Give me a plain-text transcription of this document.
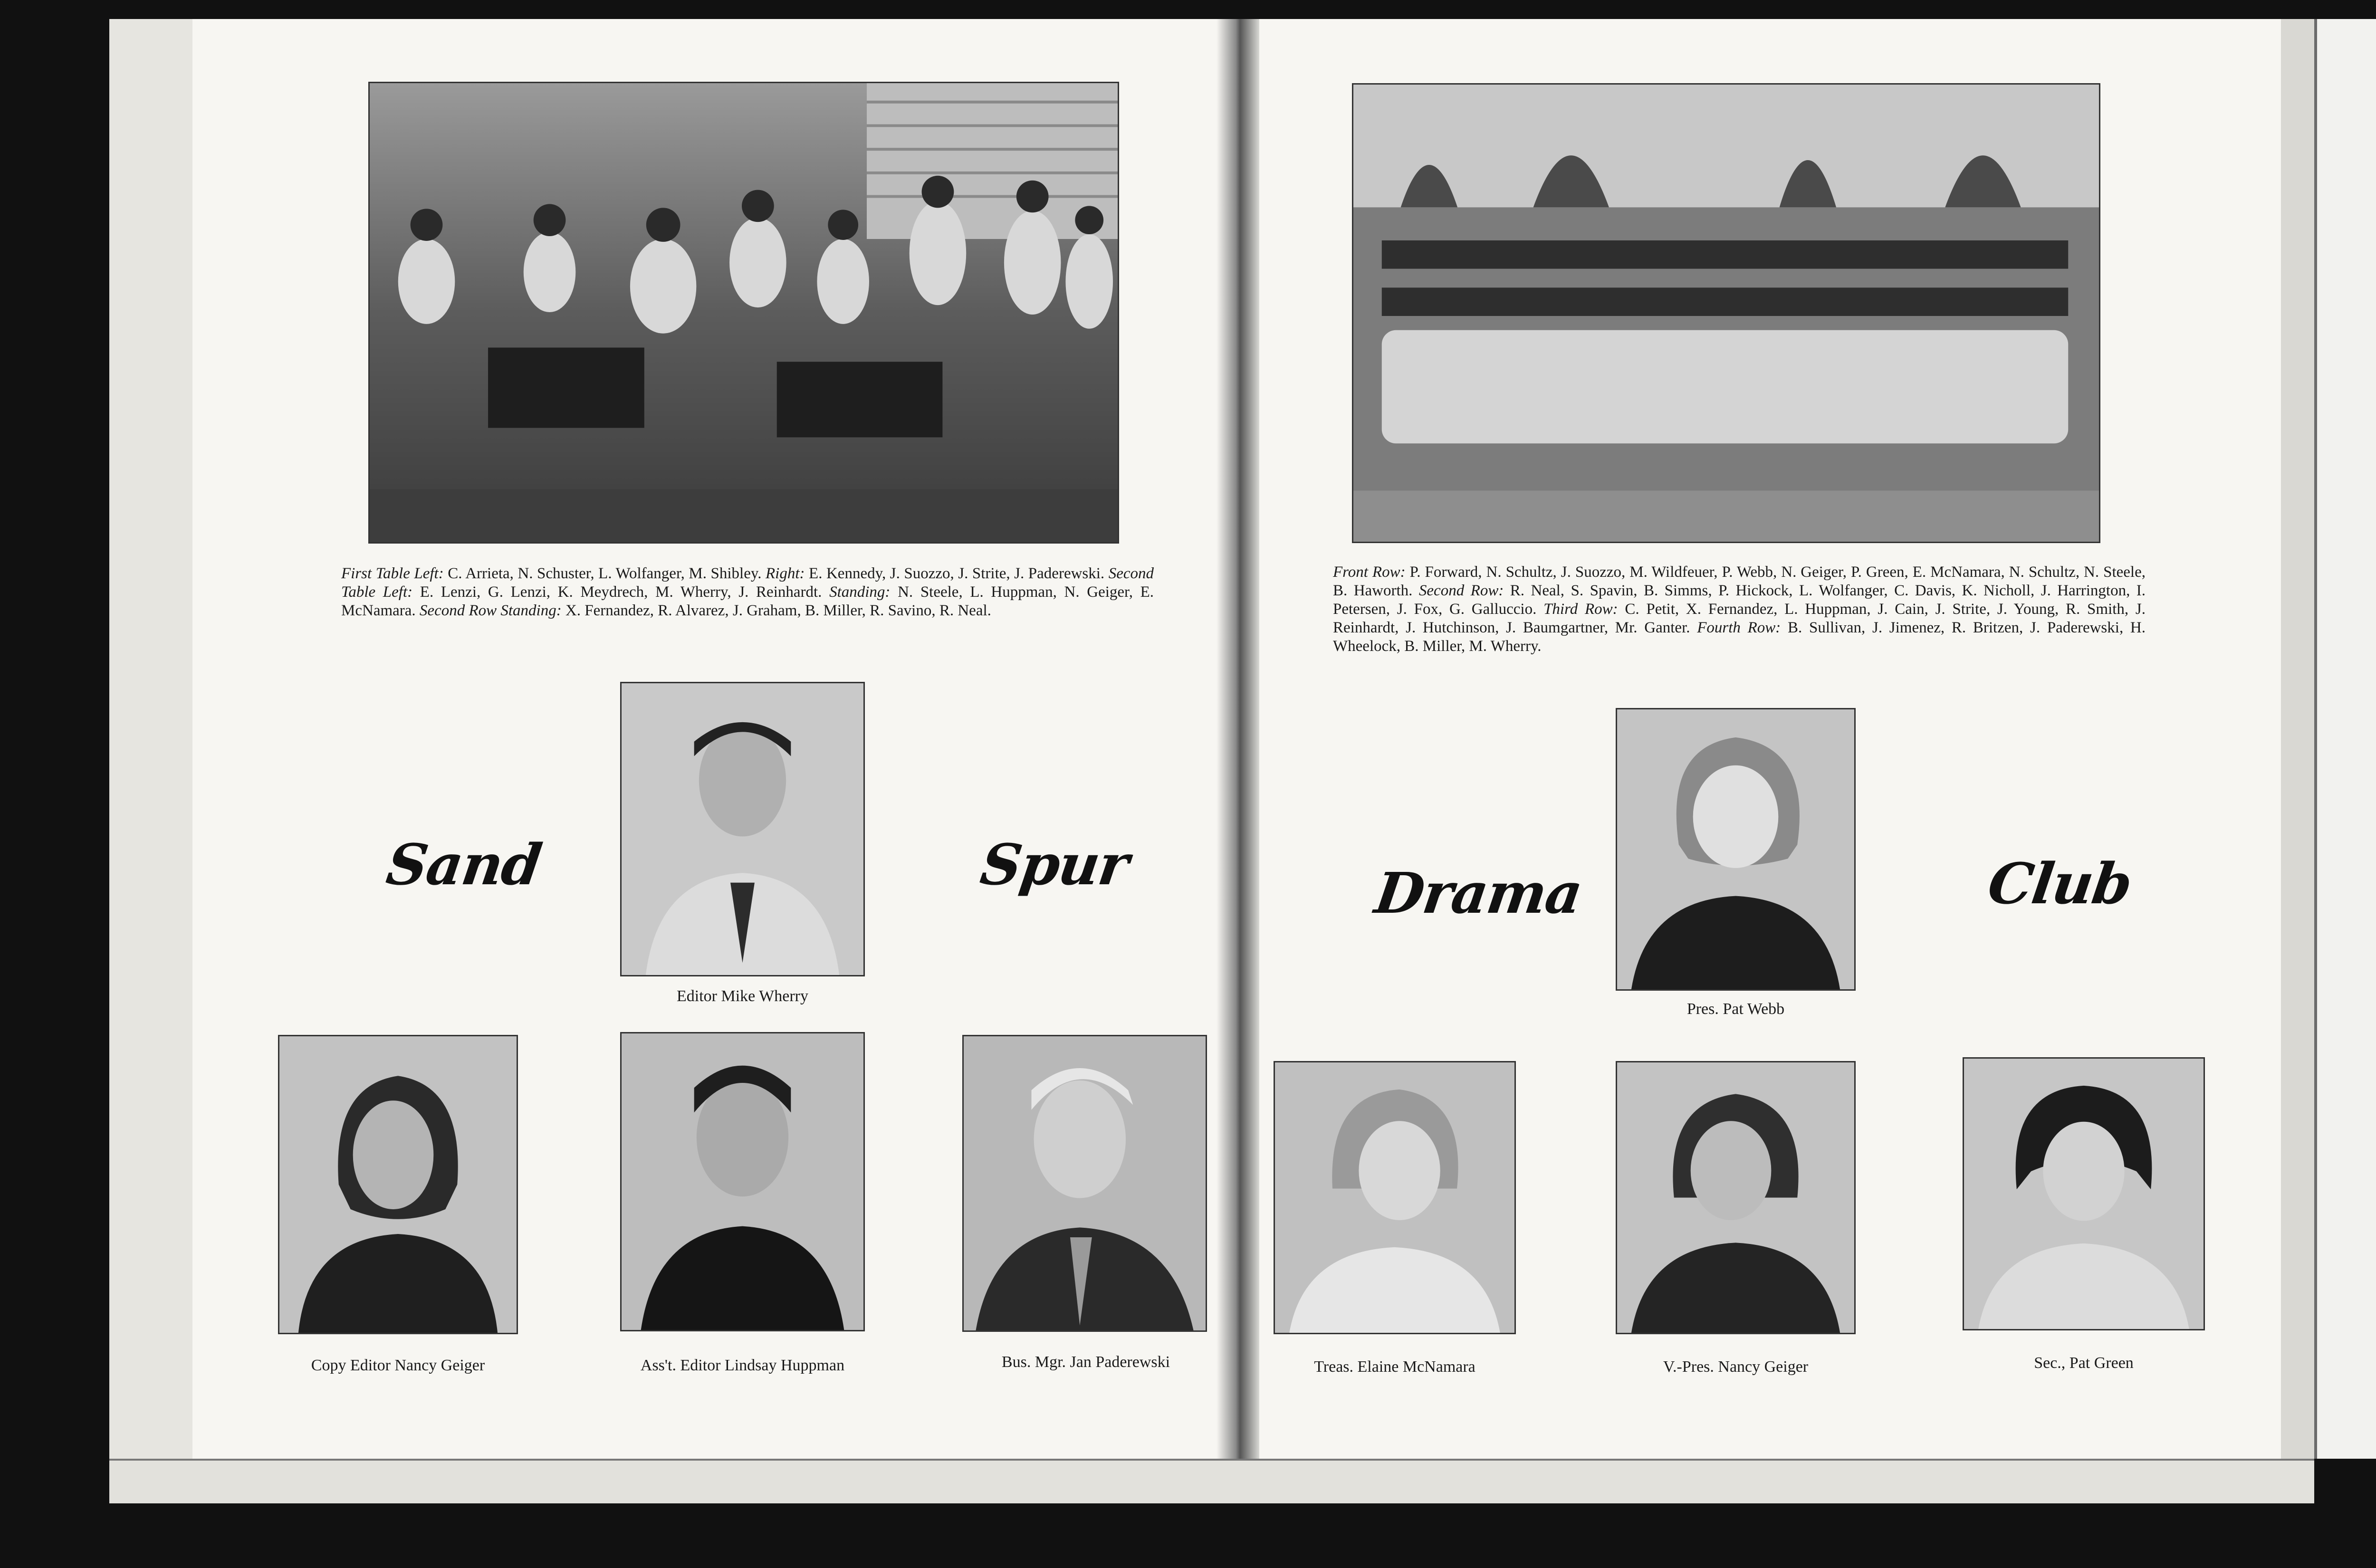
First Table Left: C. Arrieta, N. Schuster, L. Wolfanger, M. Shibley. Right: E. Kennedy, J. Suozzo, J. Strite, J. Paderewski. Second Table Left: E. Lenzi, G. Lenzi, K. Meydrech, M. Wherry, J. Reinhardt. Standing: N. Steele, L. Huppman, N. Geiger, E. McNamara. Second Row Standing: X. Fernandez, R. Alvarez, J. Graham, B. Miller, R. Savino, R. Neal.

Sand	Spur
Editor Mike Wherry
Copy Editor Nancy Geiger	Ass't. Editor Lindsay Huppman	Bus. Mgr. Jan Paderewski

Front Row: P. Forward, N. Schultz, J. Suozzo, M. Wildfeuer, P. Webb, N. Geiger, P. Green, E. McNamara, N. Schultz, N. Steele, B. Haworth. Second Row: R. Neal, S. Spavin, B. Simms, P. Hickock, L. Wolfanger, C. Davis, K. Nicholl, J. Harrington, I. Petersen, J. Fox, G. Galluccio. Third Row: C. Petit, X. Fernandez, L. Huppman, J. Cain, J. Strite, J. Young, R. Smith, J. Reinhardt, J. Hutchinson, J. Baumgartner, Mr. Ganter. Fourth Row: B. Sullivan, J. Jimenez, R. Britzen, J. Paderewski, H. Wheelock, B. Miller, M. Wherry.

Drama	Club
Pres. Pat Webb
Treas. Elaine McNamara	V.-Pres. Nancy Geiger	Sec., Pat Green
